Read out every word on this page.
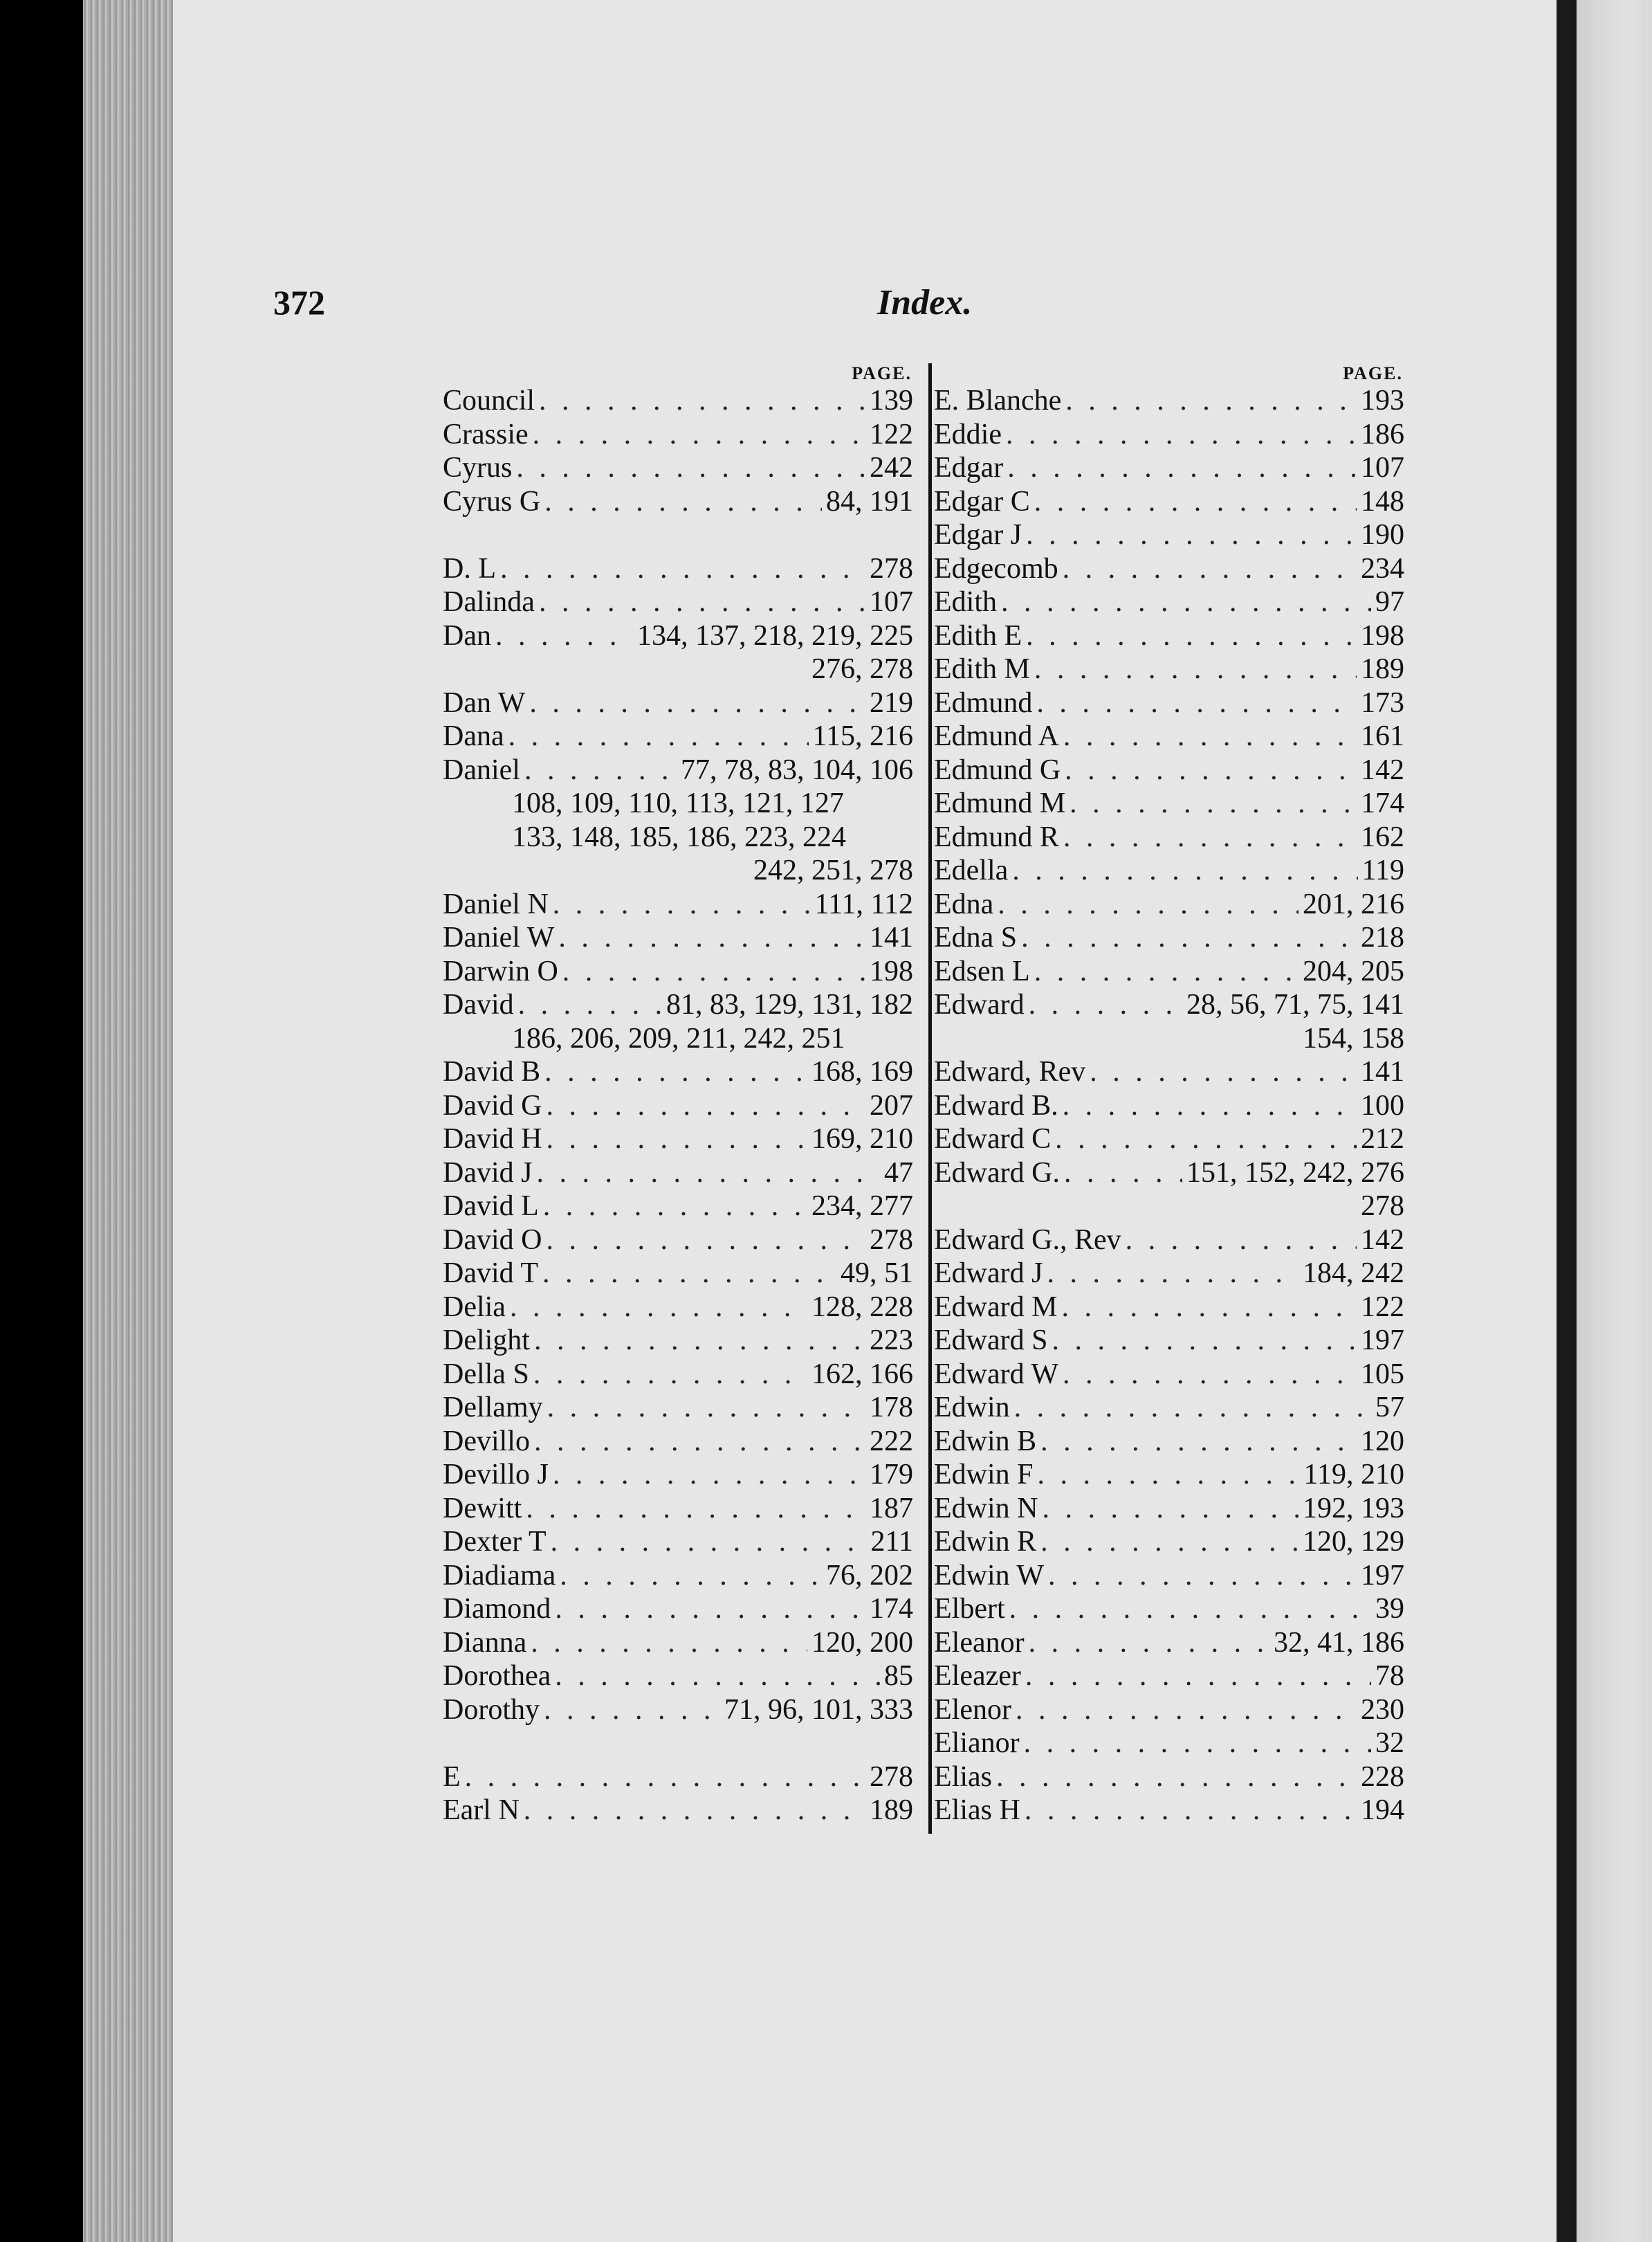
372	Index.
PAGE.
Council . . .	139
Crassie . . .	122
Cyrus . . .	242
Cyrus G . . .	84, 191
D. L . . .	278
Dalinda . . .	107
Dan . . .	134, 137, 218, 219, 225
276, 278
Dan W . . .	219
Dana . . .	115, 216
Daniel . . .	77, 78, 83, 104, 106
108, 109, 110, 113, 121, 127
133, 148, 185, 186, 223, 224
242, 251, 278
Daniel N . . .	111, 112
Daniel W . . .	141
Darwin O . . .	198
David . . .	81, 83, 129, 131, 182
186, 206, 209, 211, 242, 251
David B . . .	168, 169
David G . . .	207
David H . . .	169, 210
David J . . .	47
David L . . .	234, 277
David O . . .	278
David T . . .	49, 51
Delia . . .	128, 228
Delight . . .	223
Della S . . .	162, 166
Dellamy . . .	178
Devillo . . .	222
Devillo J . . .	179
Dewitt . . .	187
Dexter T . . .	211
Diadiama . . .	76, 202
Diamond . . .	174
Dianna . . .	120, 200
Dorothea . . .	85
Dorothy . . .	71, 96, 101, 333
E . . .	278
Earl N . . .	189
PAGE.
E. Blanche . . .	193
Eddie . . .	186
Edgar . . .	107
Edgar C . . .	148
Edgar J . . .	190
Edgecomb . . .	234
Edith . . .	97
Edith E . . .	198
Edith M . . .	189
Edmund . . .	173
Edmund A . . .	161
Edmund G . . .	142
Edmund M . . .	174
Edmund R . . .	162
Edella . . .	119
Edna . . .	201, 216
Edna S . . .	218
Edsen L . . .	204, 205
Edward . . .	28, 56, 71, 75, 141
154, 158
Edward, Rev . . .	141
Edward B. . . .	100
Edward C . . .	212
Edward G. . . .	151, 152, 242, 276
278
Edward G., Rev . . .	142
Edward J . . .	184, 242
Edward M . . .	122
Edward S . . .	197
Edward W . . .	105
Edwin . . .	57
Edwin B . . .	120
Edwin F . . .	119, 210
Edwin N . . .	192, 193
Edwin R . . .	120, 129
Edwin W . . .	197
Elbert . . .	39
Eleanor . . .	32, 41, 186
Eleazer . . .	78
Elenor . . .	230
Elianor . . .	32
Elias . . .	228
Elias H . . .	194
